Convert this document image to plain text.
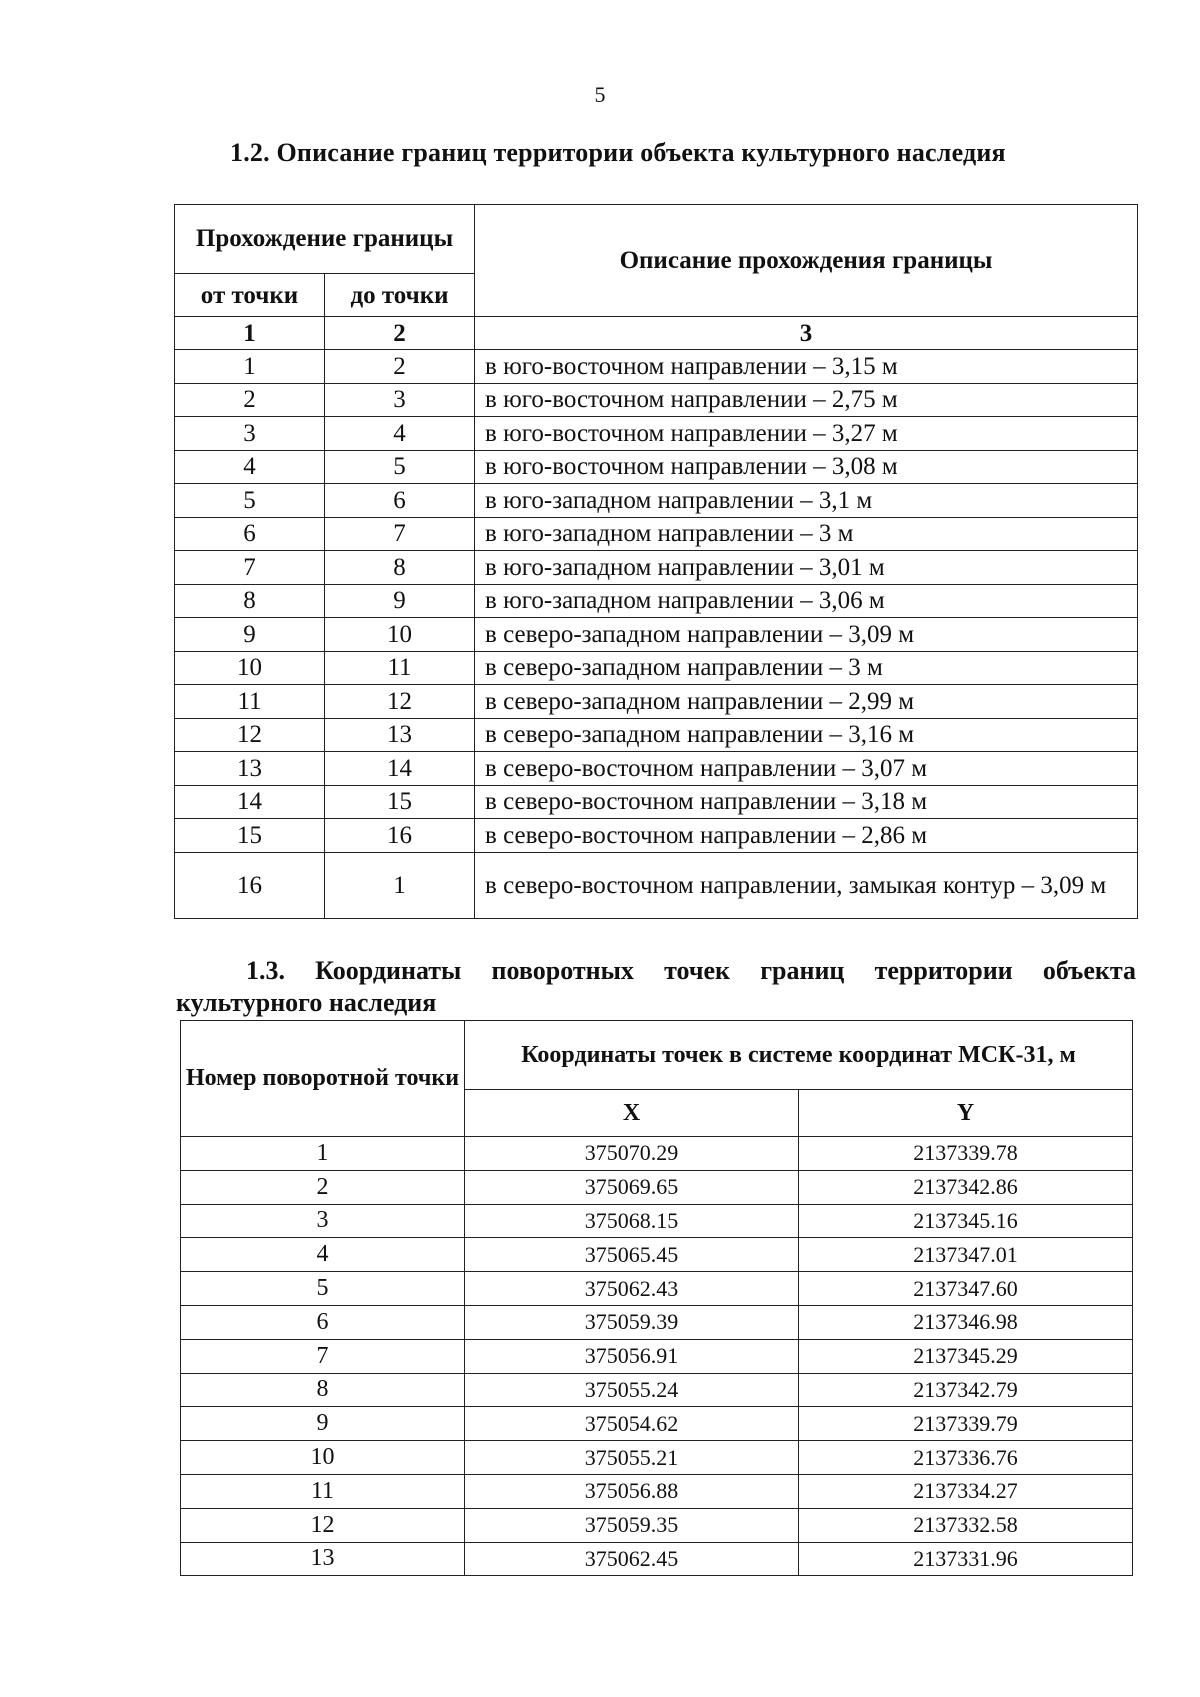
5
1.2. Описание границ территории объекта культурного наследия
Прохождение границы		Описание прохождения границы
от точки	до точки	
1	2	3
1	2	в юго-восточном направлении – 3,15 м
2	3	в юго-восточном направлении – 2,75 м
3	4	в юго-восточном направлении – 3,27 м
4	5	в юго-восточном направлении – 3,08 м
5	6	в юго-западном направлении – 3,1 м
6	7	в юго-западном направлении – 3 м
7	8	в юго-западном направлении – 3,01 м
8	9	в юго-западном направлении – 3,06 м
9	10	в северо-западном направлении – 3,09 м
10	11	в северо-западном направлении – 3 м
11	12	в северо-западном направлении – 2,99 м
12	13	в северо-западном направлении – 3,16 м
13	14	в северо-восточном направлении – 3,07 м
14	15	в северо-восточном направлении – 3,18 м
15	16	в северо-восточном направлении – 2,86 м
16	1	в северо-восточном направлении, замыкая контур – 3,09 м
1.3. Координаты поворотных точек границ территории объекта
культурного наследия
Номер поворотной точки	Координаты точек в системе координат МСК-31, м	
	X	Y
1	375070.29	2137339.78
2	375069.65	2137342.86
3	375068.15	2137345.16
4	375065.45	2137347.01
5	375062.43	2137347.60
6	375059.39	2137346.98
7	375056.91	2137345.29
8	375055.24	2137342.79
9	375054.62	2137339.79
10	375055.21	2137336.76
11	375056.88	2137334.27
12	375059.35	2137332.58
13	375062.45	2137331.96
